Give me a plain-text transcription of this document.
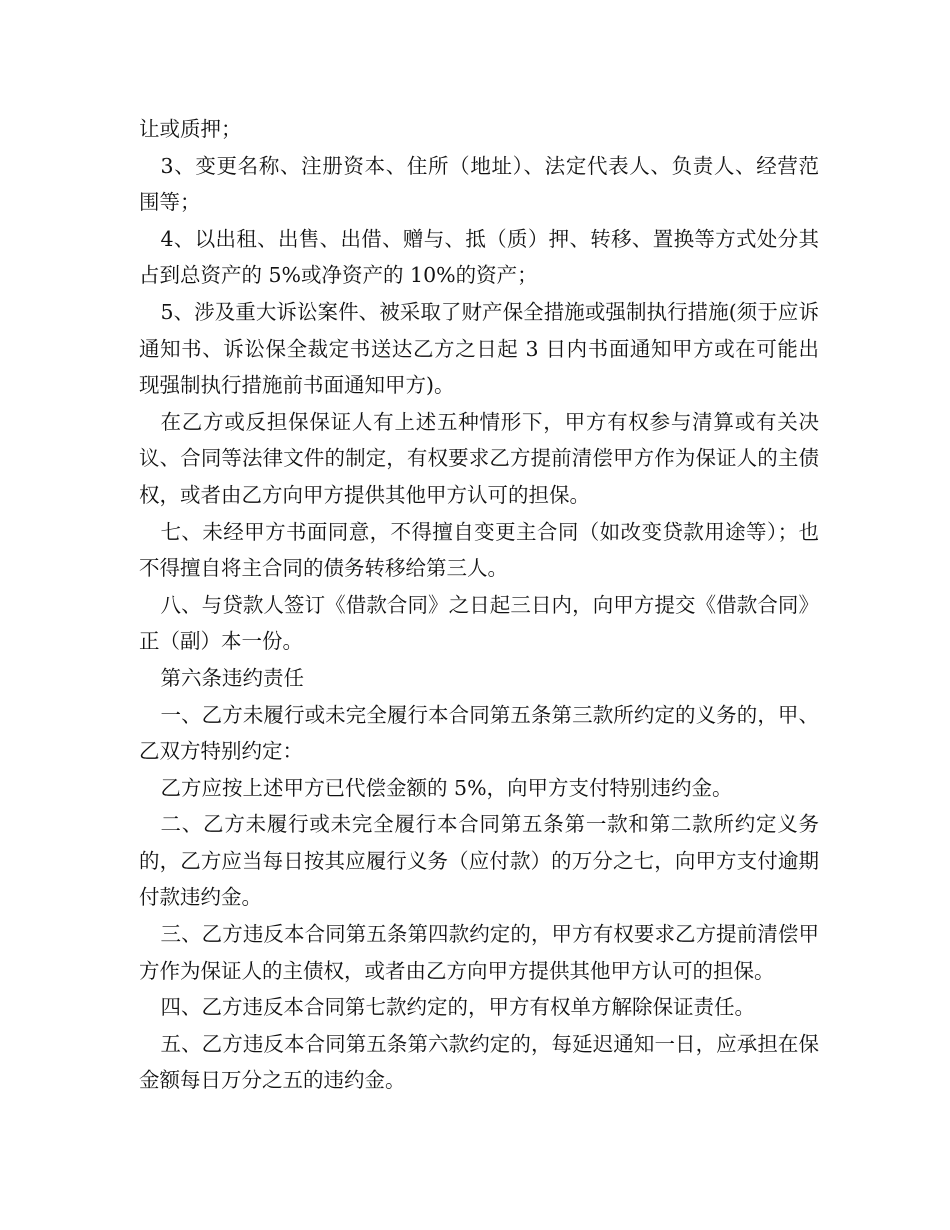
让或质押；

3、变更名称、注册资本、住所（地址）、法定代表人、负责人、经营范围等；

4、以出租、出售、出借、赠与、抵（质）押、转移、置换等方式处分其占到总资产的 5%或净资产的 10%的资产；

5、涉及重大诉讼案件、被采取了财产保全措施或强制执行措施(须于应诉通知书、诉讼保全裁定书送达乙方之日起 3 日内书面通知甲方或在可能出现强制执行措施前书面通知甲方)。

在乙方或反担保保证人有上述五种情形下，甲方有权参与清算或有关决议、合同等法律文件的制定，有权要求乙方提前清偿甲方作为保证人的主债权，或者由乙方向甲方提供其他甲方认可的担保。

七、未经甲方书面同意，不得擅自变更主合同（如改变贷款用途等）；也不得擅自将主合同的债务转移给第三人。

八、与贷款人签订《借款合同》之日起三日内，向甲方提交《借款合同》正（副）本一份。

第六条违约责任

一、乙方未履行或未完全履行本合同第五条第三款所约定的义务的，甲、乙双方特别约定：

乙方应按上述甲方已代偿金额的 5%，向甲方支付特别违约金。

二、乙方未履行或未完全履行本合同第五条第一款和第二款所约定义务的，乙方应当每日按其应履行义务（应付款）的万分之七，向甲方支付逾期付款违约金。

三、乙方违反本合同第五条第四款约定的，甲方有权要求乙方提前清偿甲方作为保证人的主债权，或者由乙方向甲方提供其他甲方认可的担保。

四、乙方违反本合同第七款约定的，甲方有权单方解除保证责任。

五、乙方违反本合同第五条第六款约定的，每延迟通知一日，应承担在保金额每日万分之五的违约金。
